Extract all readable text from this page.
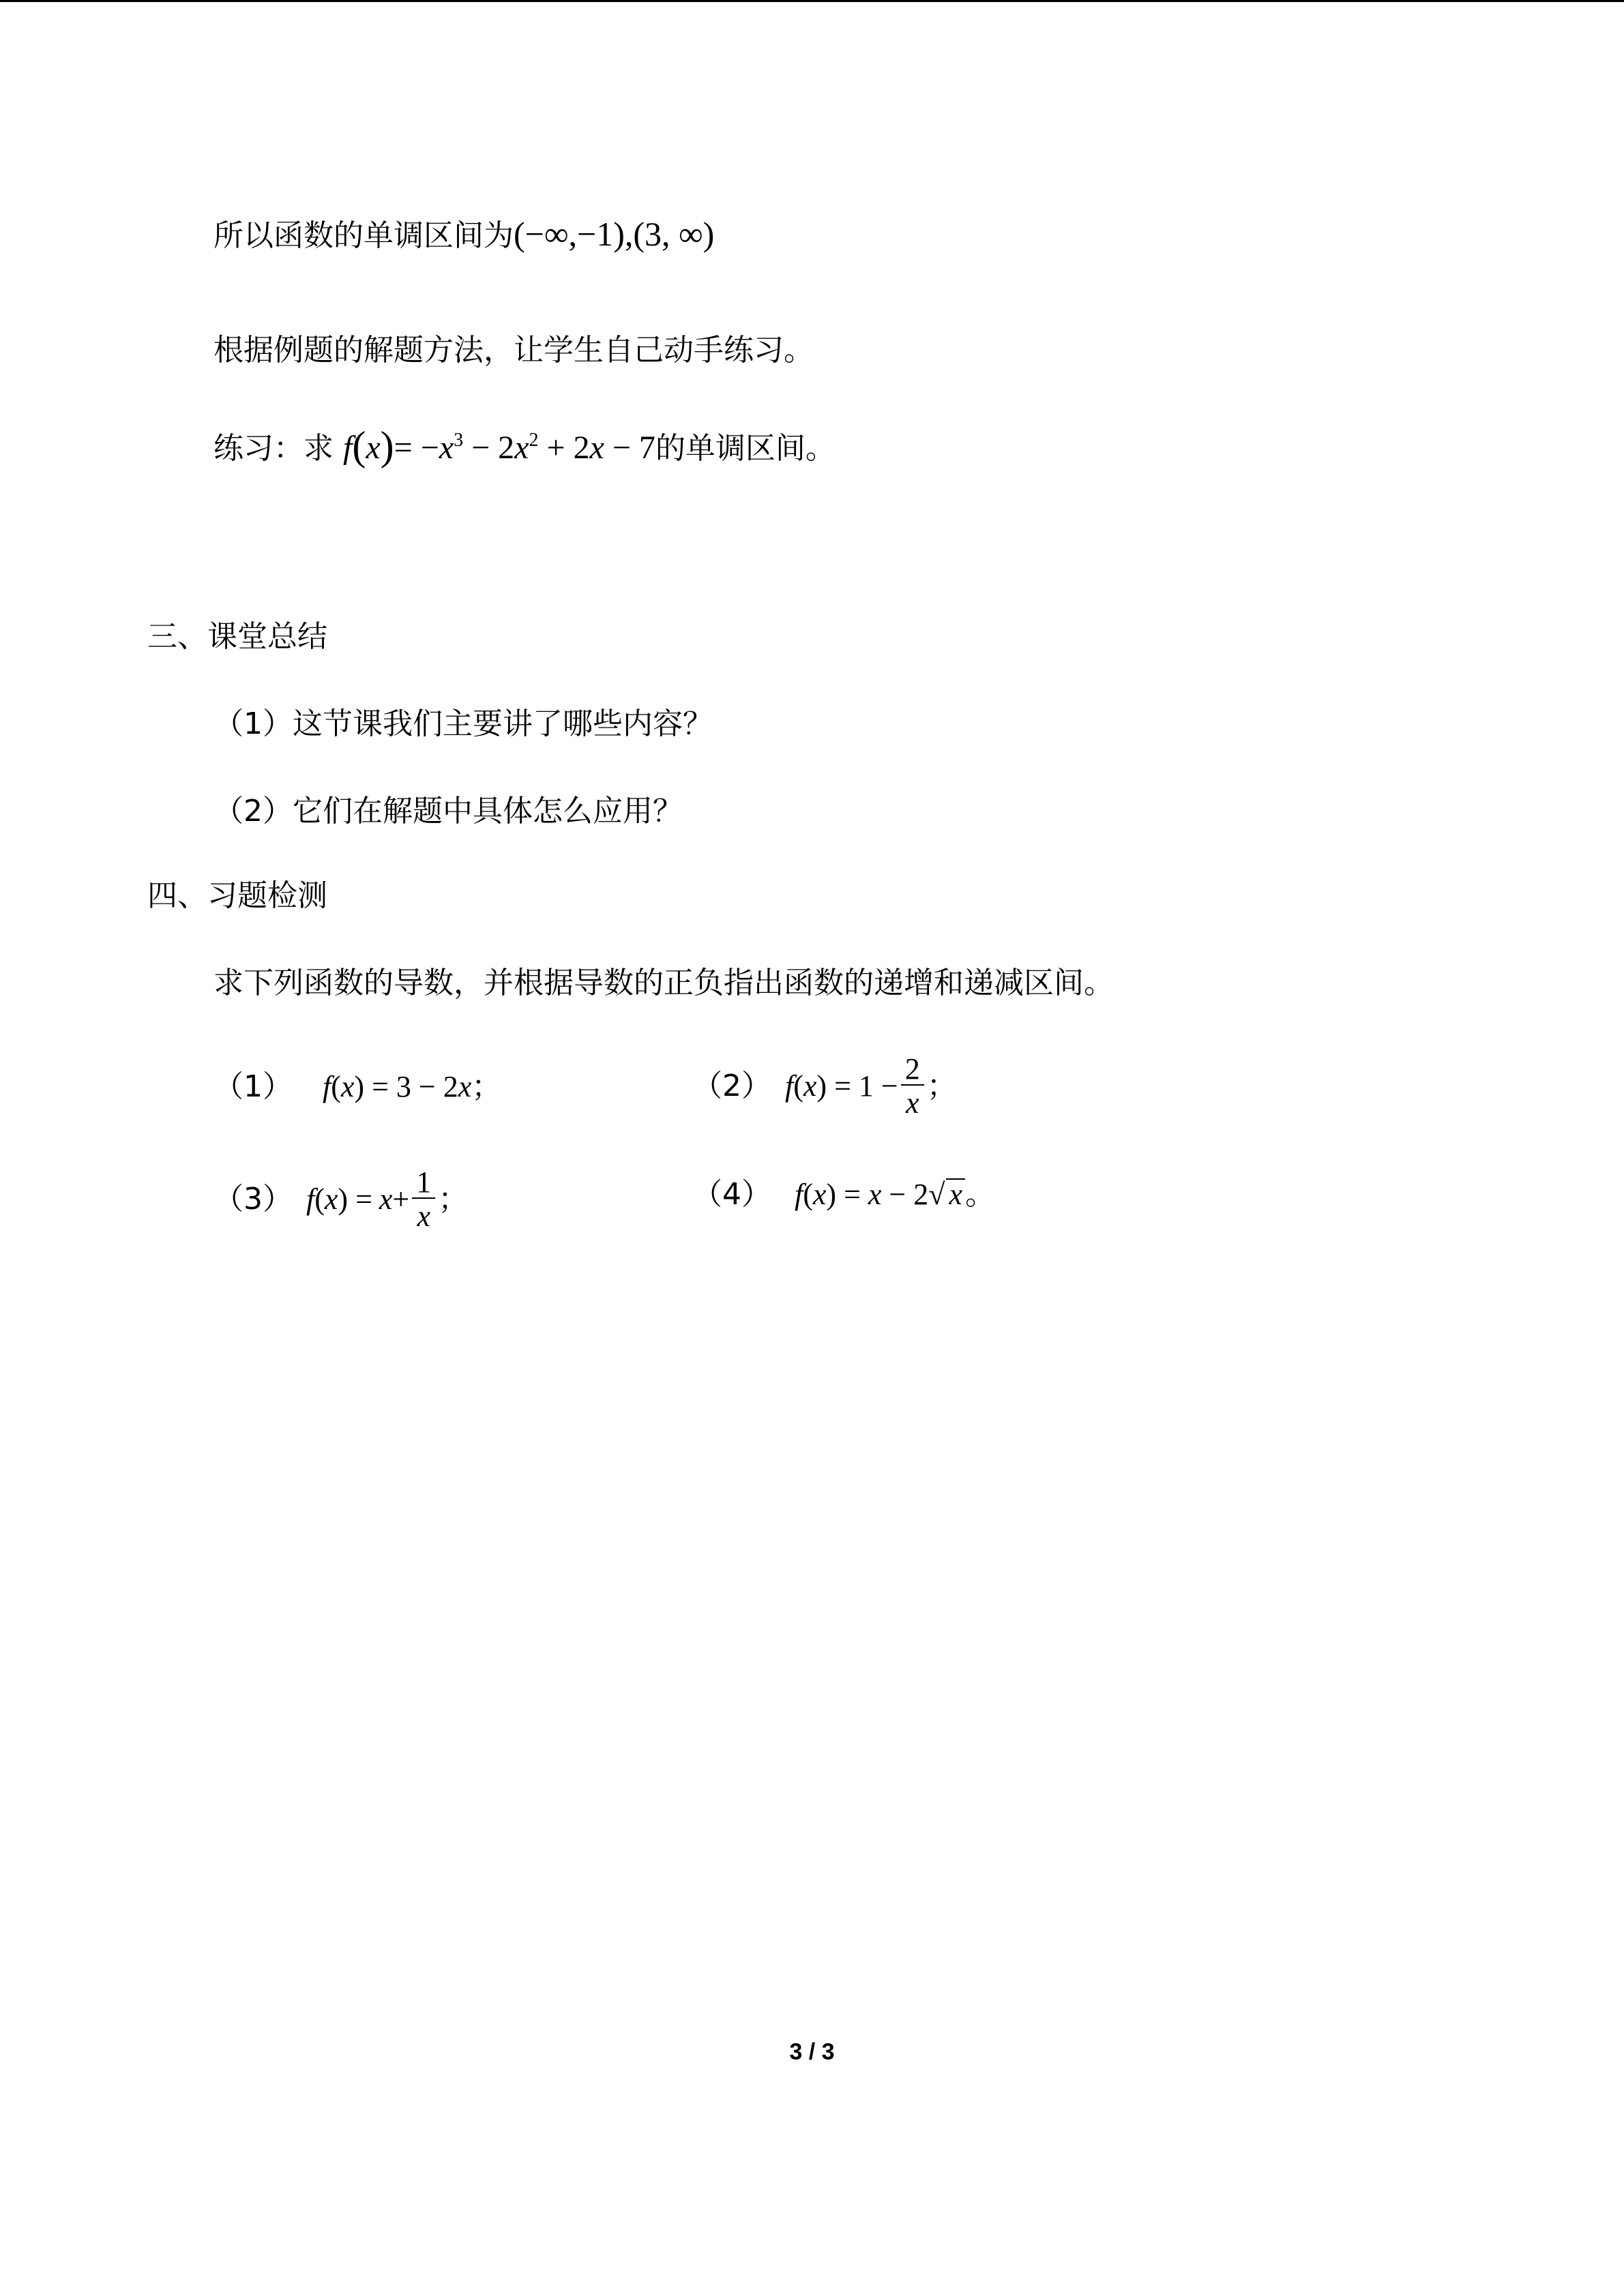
所以函数的单调区间为(−∞,−1),(3, ∞)
根据例题的解题方法，让学生自己动手练习。
练习：求 $f(x)= -x^3 - 2x^2 + 2x - 7$的单调区间。
三、课堂总结
（1）这节课我们主要讲了哪些内容？
（2）它们在解题中具体怎么应用？
四、习题检测
求下列函数的导数，并根据导数的正负指出函数的递增和递减区间。
（1） f(x) = 3 − 2x；	（2） f ( x ) = $1 - \frac{2}{x}$ ；
（3） f ( x ) = $x + \frac{1}{x}$ ；	（4） f(x) = x − 2√ x。
3 / 3
